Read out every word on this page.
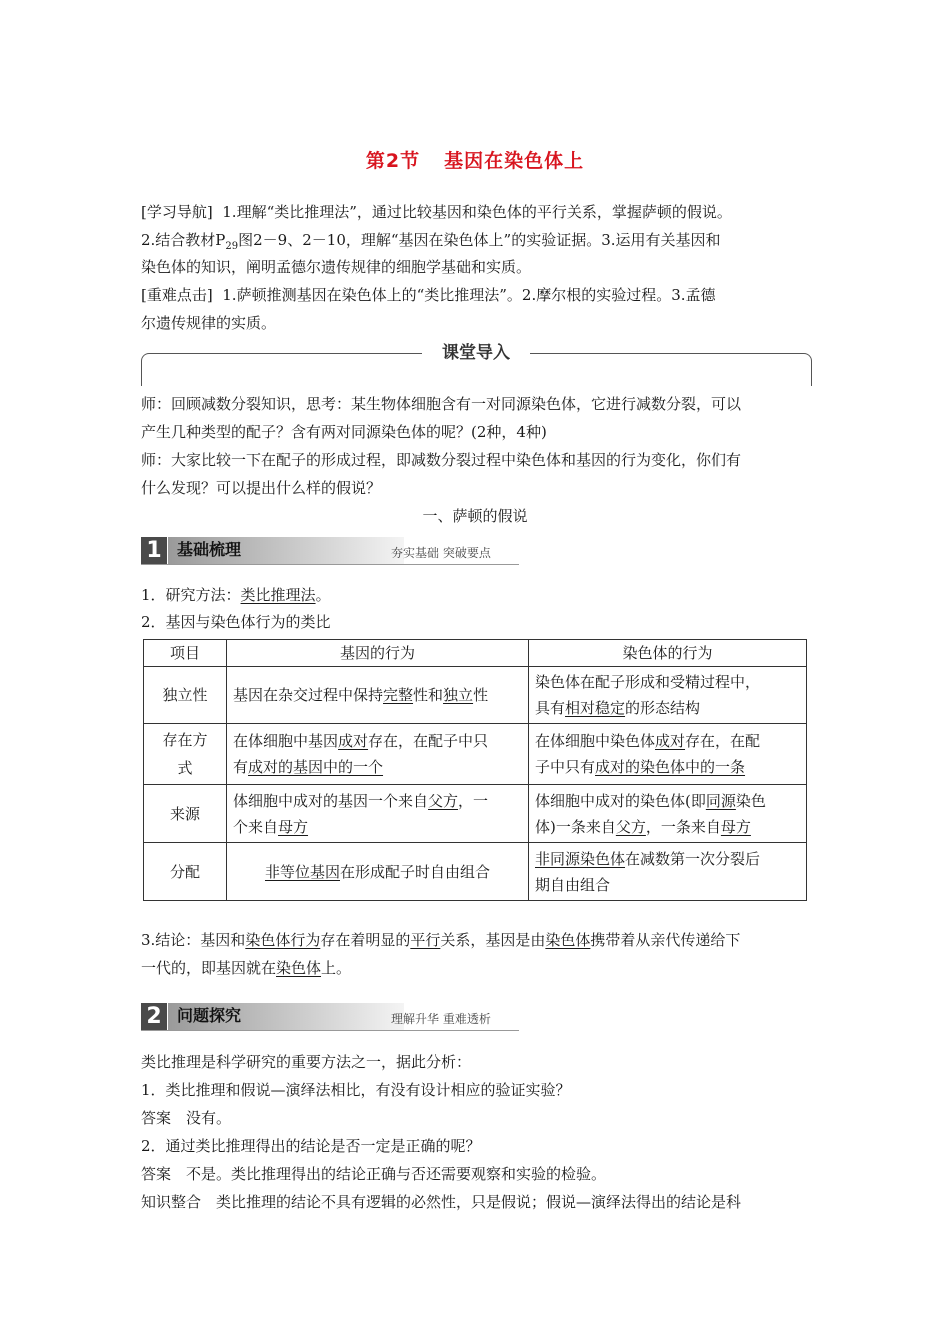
第2节 基因在染色体上
[学习导航] 1.理解“类比推理法”，通过比较基因和染色体的平行关系，掌握萨顿的假说。
2.结合教材$P_{29}$图2－9、2－10，理解“基因在染色体上”的实验证据。3.运用有关基因和
染色体的知识，阐明孟德尔遗传规律的细胞学基础和实质。
[重难点击] 1.萨顿推测基因在染色体上的“类比推理法”。2.摩尔根的实验过程。3.孟德
尔遗传规律的实质。
课堂导入
师：回顾减数分裂知识，思考：某生物体细胞含有一对同源染色体，它进行减数分裂，可以
产生几种类型的配子？含有两对同源染色体的呢？(2种，4种)
师：大家比较一下在配子的形成过程，即减数分裂过程中染色体和基因的行为变化，你们有
什么发现？可以提出什么样的假说？
一、萨顿的假说
1 基础梳理	夯实基础 突破要点
1．研究方法：类比推理法。
2．基因与染色体行为的类比
项目	基因的行为	染色体的行为
独立性	基因在杂交过程中保持完整性和独立性	染色体在配子形成和受精过程中，
具有相对稳定的形态结构
存在方式	在体细胞中基因成对存在，在配子中只
有成对的基因中的一个	在体细胞中染色体成对存在，在配
子中只有成对的染色体中的一条
来源	体细胞中成对的基因一个来自父方，一
个来自母方	体细胞中成对的染色体(即同源染色
体)一条来自父方，一条来自母方
分配	非等位基因在形成配子时自由组合	非同源染色体在减数第一次分裂后
期自由组合
3.结论：基因和染色体行为存在着明显的平行关系，基因是由染色体携带着从亲代传递给下
一代的，即基因就在染色体上。
2 问题探究	理解升华 重难透析
类比推理是科学研究的重要方法之一，据此分析：
1．类比推理和假说—演绎法相比，有没有设计相应的验证实验？
答案　没有。
2．通过类比推理得出的结论是否一定是正确的呢？
答案　不是。类比推理得出的结论正确与否还需要观察和实验的检验。
知识整合　类比推理的结论不具有逻辑的必然性，只是假说；假说—演绎法得出的结论是科
